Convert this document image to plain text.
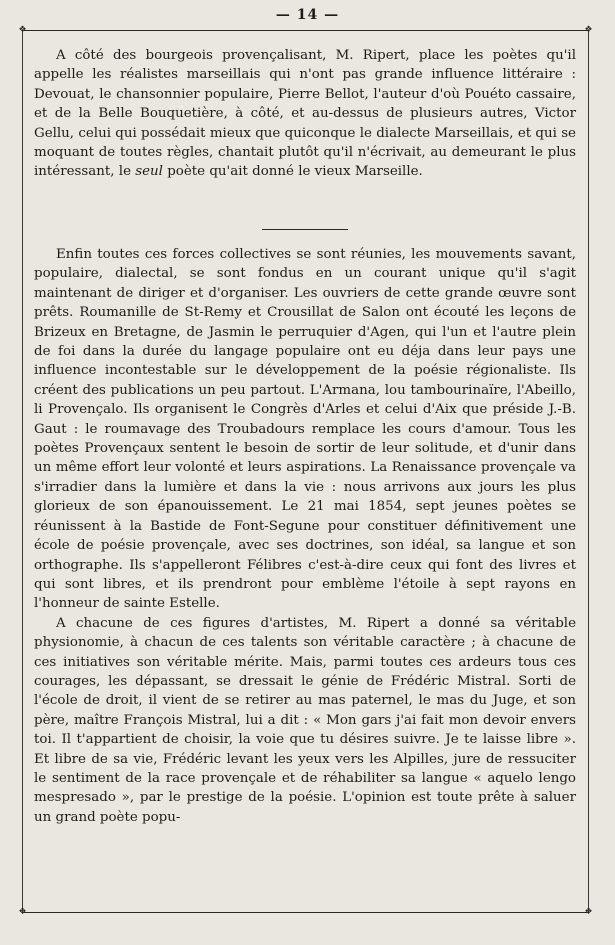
— 14 —
❖	❖
❖	❖

A côté des bourgeois provençalisant, M. Ripert, place les poètes qu'il appelle les réalistes marseillais qui n'ont pas grande influence littéraire : Devouat, le chansonnier populaire, Pierre Bellot, l'auteur d'où Pouéto cassaire, et de la Belle Bouquetière, à côté, et au-dessus de plusieurs autres, Victor Gellu, celui qui possédait mieux que quiconque le dialecte Marseillais, et qui se moquant de toutes règles, chantait plutôt qu'il n'écrivait, au demeurant le plus intéressant, le seul poète qu'ait donné le vieux Marseille.

Enfin toutes ces forces collectives se sont réunies, les mouvements savant, populaire, dialectal, se sont fondus en un courant unique qu'il s'agit maintenant de diriger et d'organiser. Les ouvriers de cette grande œuvre sont prêts. Roumanille de St-Remy et Crousillat de Salon ont écouté les leçons de Brizeux en Bretagne, de Jasmin le perruquier d'Agen, qui l'un et l'autre plein de foi dans la durée du langage populaire ont eu déja dans leur pays une influence incontestable sur le développement de la poésie régionaliste. Ils créent des publications un peu partout. L'Armana, lou tambourinaïre, l'Abeillo, li Provençalo. Ils organisent le Congrès d'Arles et celui d'Aix que préside J.-B. Gaut : le roumavage des Troubadours remplace les cours d'amour. Tous les poètes Provençaux sentent le besoin de sortir de leur solitude, et d'unir dans un même effort leur volonté et leurs aspirations. La Renaissance provençale va s'irradier dans la lumière et dans la vie : nous arrivons aux jours les plus glorieux de son épanouissement. Le 21 mai 1854, sept jeunes poètes se réunissent à la Bastide de Font-Segune pour constituer définitivement une école de poésie provençale, avec ses doctrines, son idéal, sa langue et son orthographe. Ils s'appelleront Félibres c'est-à-dire ceux qui font des livres et qui sont libres, et ils prendront pour emblème l'étoile à sept rayons en l'honneur de sainte Estelle.

A chacune de ces figures d'artistes, M. Ripert a donné sa véritable physionomie, à chacun de ces talents son véritable caractère ; à chacune de ces initiatives son véritable mérite. Mais, parmi toutes ces ardeurs tous ces courages, les dépassant, se dressait le génie de Frédéric Mistral. Sorti de l'école de droit, il vient de se retirer au mas paternel, le mas du Juge, et son père, maître François Mistral, lui a dit : « Mon gars j'ai fait mon devoir envers toi. Il t'appartient de choisir, la voie que tu désires suivre. Je te laisse libre ». Et libre de sa vie, Frédéric levant les yeux vers les Alpilles, jure de ressuciter le sentiment de la race provençale et de réhabiliter sa langue « aquelo lengo mespresado », par le prestige de la poésie. L'opinion est toute prête à saluer un grand poète popu-
